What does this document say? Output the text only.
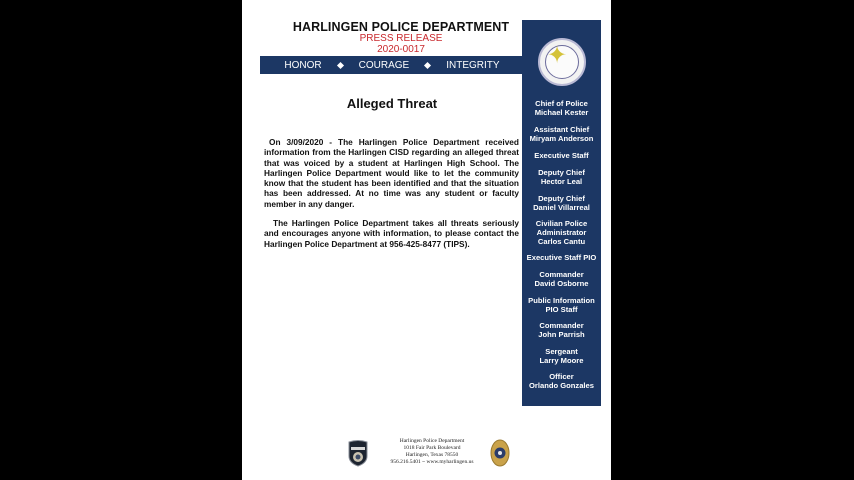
HARLINGEN POLICE DEPARTMENT
PRESS RELEASE
2020-0017
HONOR	COURAGE	INTEGRITY	✦
Chief of Police
Michael Kester
Assistant Chief
Miryam Anderson
Executive Staff
Deputy Chief
Hector Leal
Deputy Chief
Daniel Villarreal
Civilian Police
Administrator
Carlos Cantu
Executive Staff PIO
Commander
David Osborne
Public Information
PIO Staff
Commander
John Parrish
Sergeant
Larry Moore
Officer
Orlando Gonzales
Alleged Threat
On 3/09/2020 - The Harlingen Police Department received information from the Harlingen CISD regarding an alleged threat that was voiced by a student at Harlingen High School. The Harlingen Police Department would like to let the community know that the student has been identified and that the situation has been addressed. At no time was any student or faculty member in any danger.
The Harlingen Police Department takes all threats seriously and encourages anyone with information, to please contact the Harlingen Police Department at 956-425-8477 (TIPS).
Harlingen Police Department
1018 Fair Park Boulevard
Harlingen, Texas 78550
956.216.5401 ~ www.myharlingen.us
